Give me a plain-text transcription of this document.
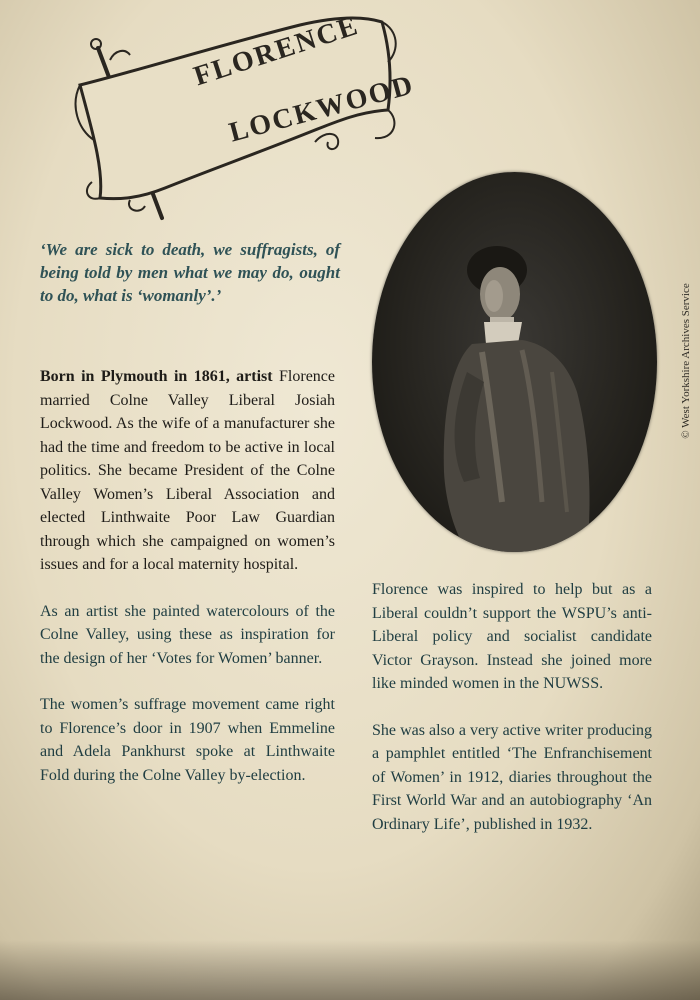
FLORENCE
LOCKWOOD

‘We are sick to death, we suffragists, of being told by men what we may do, ought to do, what is ‘womanly’.’

Born in Plymouth in 1861, artist Florence married Colne Valley Liberal Josiah Lockwood. As the wife of a manufacturer she had the time and freedom to be active in local politics. She became President of the Colne Valley Women’s Liberal Association and elected Linthwaite Poor Law Guardian through which she campaigned on women’s issues and for a local maternity hospital.

As an artist she painted watercolours of the Colne Valley, using these as inspiration for the design of her ‘Votes for Women’ banner.

The women’s suffrage movement came right to Florence’s door in 1907 when Emmeline and Adela Pankhurst spoke at Linthwaite Fold during the Colne Valley by-election.

© West Yorkshire Archives Service

Florence was inspired to help but as a Liberal couldn’t support the WSPU’s anti-Liberal policy and socialist candidate Victor Grayson. Instead she joined more like minded women in the NUWSS.

She was also a very active writer producing a pamphlet entitled ‘The Enfranchisement of Women’ in 1912, diaries throughout the First World War and an autobiography ‘An Ordinary Life’, published in 1932.
